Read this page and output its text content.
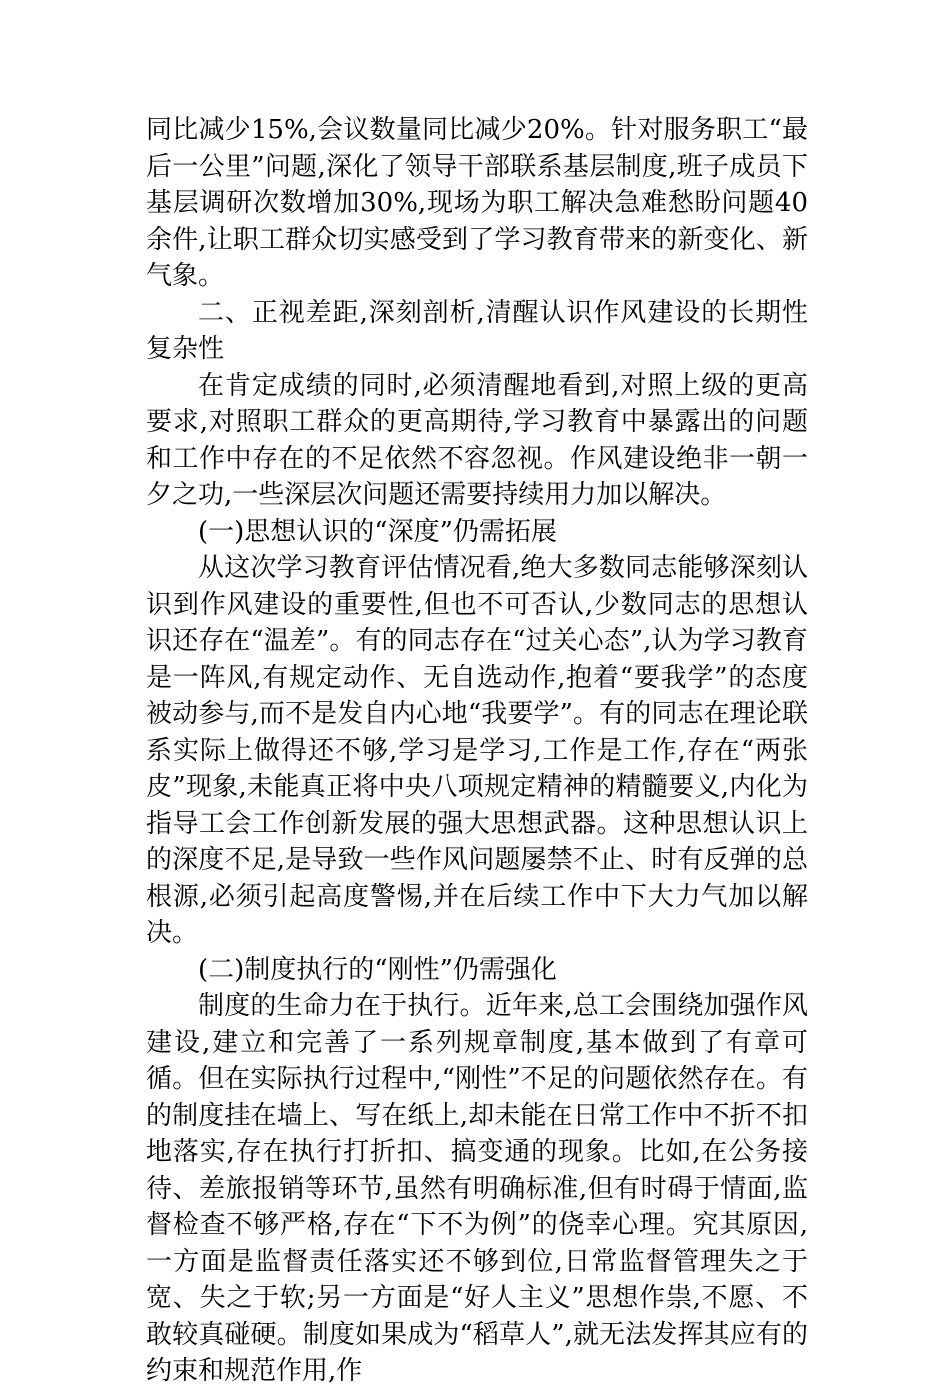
同比减少15%,会议数量同比减少20%。针对服务职工“最后一公里”问题,深化了领导干部联系基层制度,班子成员下基层调研次数增加30%,现场为职工解决急难愁盼问题40余件,让职工群众切实感受到了学习教育带来的新变化、新气象。

二、正视差距,深刻剖析,清醒认识作风建设的长期性复杂性

在肯定成绩的同时,必须清醒地看到,对照上级的更高要求,对照职工群众的更高期待,学习教育中暴露出的问题和工作中存在的不足依然不容忽视。作风建设绝非一朝一夕之功,一些深层次问题还需要持续用力加以解决。

(一)思想认识的“深度”仍需拓展

从这次学习教育评估情况看,绝大多数同志能够深刻认识到作风建设的重要性,但也不可否认,少数同志的思想认识还存在“温差”。有的同志存在“过关心态”,认为学习教育是一阵风,有规定动作、无自选动作,抱着“要我学”的态度被动参与,而不是发自内心地“我要学”。有的同志在理论联系实际上做得还不够,学习是学习,工作是工作,存在“两张皮”现象,未能真正将中央八项规定精神的精髓要义,内化为指导工会工作创新发展的强大思想武器。这种思想认识上的深度不足,是导致一些作风问题屡禁不止、时有反弹的总根源,必须引起高度警惕,并在后续工作中下大力气加以解决。

(二)制度执行的“刚性”仍需强化

制度的生命力在于执行。近年来,总工会围绕加强作风建设,建立和完善了一系列规章制度,基本做到了有章可循。但在实际执行过程中,“刚性”不足的问题依然存在。有的制度挂在墙上、写在纸上,却未能在日常工作中不折不扣地落实,存在执行打折扣、搞变通的现象。比如,在公务接待、差旅报销等环节,虽然有明确标准,但有时碍于情面,监督检查不够严格,存在“下不为例”的侥幸心理。究其原因,一方面是监督责任落实还不够到位,日常监督管理失之于宽、失之于软;另一方面是“好人主义”思想作祟,不愿、不敢较真碰硬。制度如果成为“稻草人”,就无法发挥其应有的约束和规范作用,作
